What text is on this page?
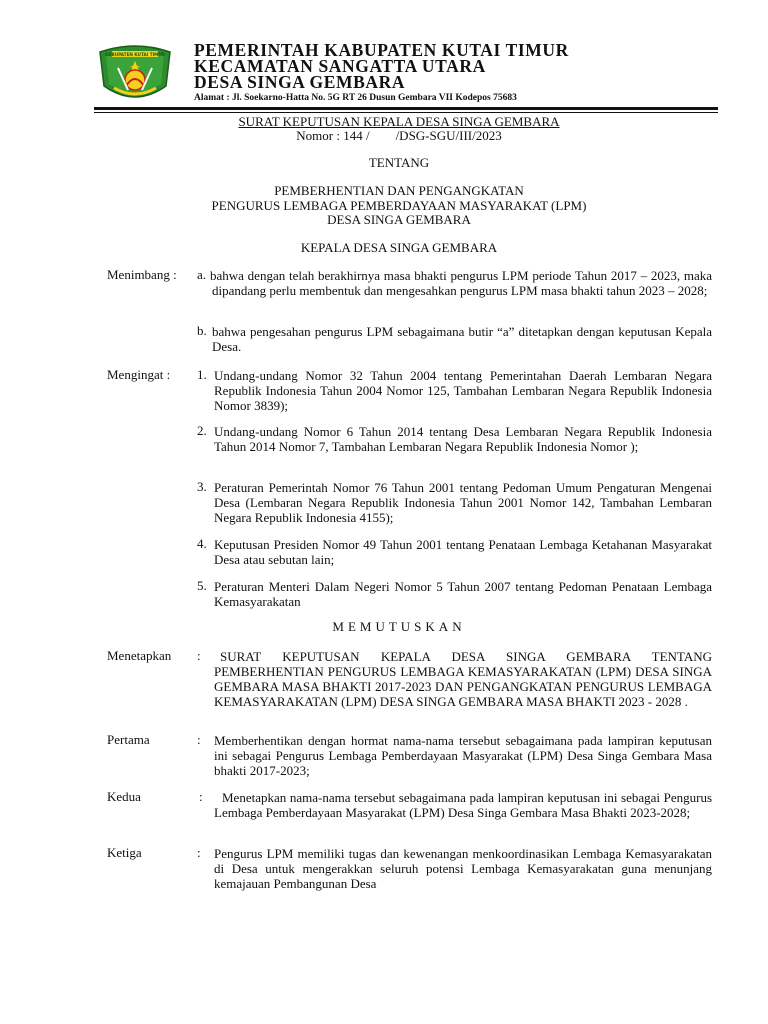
KABUPATEN KUTAI TIMUR PEMERINTAH KABUPATEN KUTAI TIMUR
KECAMATAN SANGATTA UTARA
DESA SINGA GEMBARA
Alamat : Jl. Soekarno-Hatta No. 5G RT 26 Dusun Gembara VII Kodepos 75683
SURAT KEPUTUSAN KEPALA DESA SINGA GEMBARA
Nomor : 144 /        /DSG-SGU/III/2023
TENTANG
PEMBERHENTIAN DAN PENGANGKATAN
PENGURUS LEMBAGA PEMBERDAYAAN MASYARAKAT (LPM)
DESA SINGA GEMBARA
KEPALA DESA SINGA GEMBARA
Menimbang : a. bahwa dengan telah berakhirnya masa bhakti pengurus LPM periode Tahun 2017 – 2023, maka dipandang perlu membentuk dan mengesahkan pengurus LPM masa bhakti tahun 2023 – 2028;
b. bahwa pengesahan pengurus LPM sebagaimana butir “a” ditetapkan dengan keputusan Kepala Desa.
Mengingat : 1. Undang-undang Nomor 32 Tahun 2004 tentang Pemerintahan Daerah Lembaran Negara Republik Indonesia Tahun 2004 Nomor 125, Tambahan Lembaran Negara Republik Indonesia Nomor 3839);
2. Undang-undang Nomor 6 Tahun 2014 tentang Desa Lembaran Negara Republik Indonesia Tahun 2014 Nomor 7, Tambahan Lembaran Negara Republik Indonesia Nomor );
3. Peraturan Pemerintah Nomor 76 Tahun 2001 tentang Pedoman Umum Pengaturan Mengenai Desa (Lembaran Negara Republik Indonesia Tahun 2001 Nomor 142, Tambahan Lembaran Negara Republik Indonesia 4155);
4. Keputusan Presiden Nomor 49 Tahun 2001 tentang Penataan Lembaga Ketahanan Masyarakat Desa atau sebutan lain;
5. Peraturan Menteri Dalam Negeri Nomor 5 Tahun 2007 tentang Pedoman Penataan Lembaga Kemasyarakatan
MEMUTUSKAN
Menetapkan :	SURAT KEPUTUSAN KEPALA DESA SINGA GEMBARA TENTANG PEMBERHENTIAN PENGURUS LEMBAGA KEMASYARAKATAN (LPM) DESA SINGA GEMBARA MASA BHAKTI 2017-2023 DAN PENGANGKATAN PENGURUS LEMBAGA KEMASYARAKATAN (LPM) DESA SINGA GEMBARA MASA BHAKTI 2023 - 2028 .
Pertama	: Memberhentikan dengan hormat nama-nama tersebut sebagaimana pada lampiran keputusan ini sebagai Pengurus Lembaga Pemberdayaan Masyarakat (LPM) Desa Singa Gembara Masa bhakti 2017-2023;
Kedua	:	Menetapkan nama-nama tersebut sebagaimana pada lampiran keputusan ini sebagai Pengurus Lembaga Pemberdayaan Masyarakat (LPM) Desa Singa Gembara Masa Bhakti 2023-2028;
Ketiga	: Pengurus LPM memiliki tugas dan kewenangan menkoordinasikan Lembaga Kemasyarakatan di Desa untuk mengerakkan seluruh potensi Lembaga Kemasyarakatan guna menunjang kemajauan Pembangunan Desa
